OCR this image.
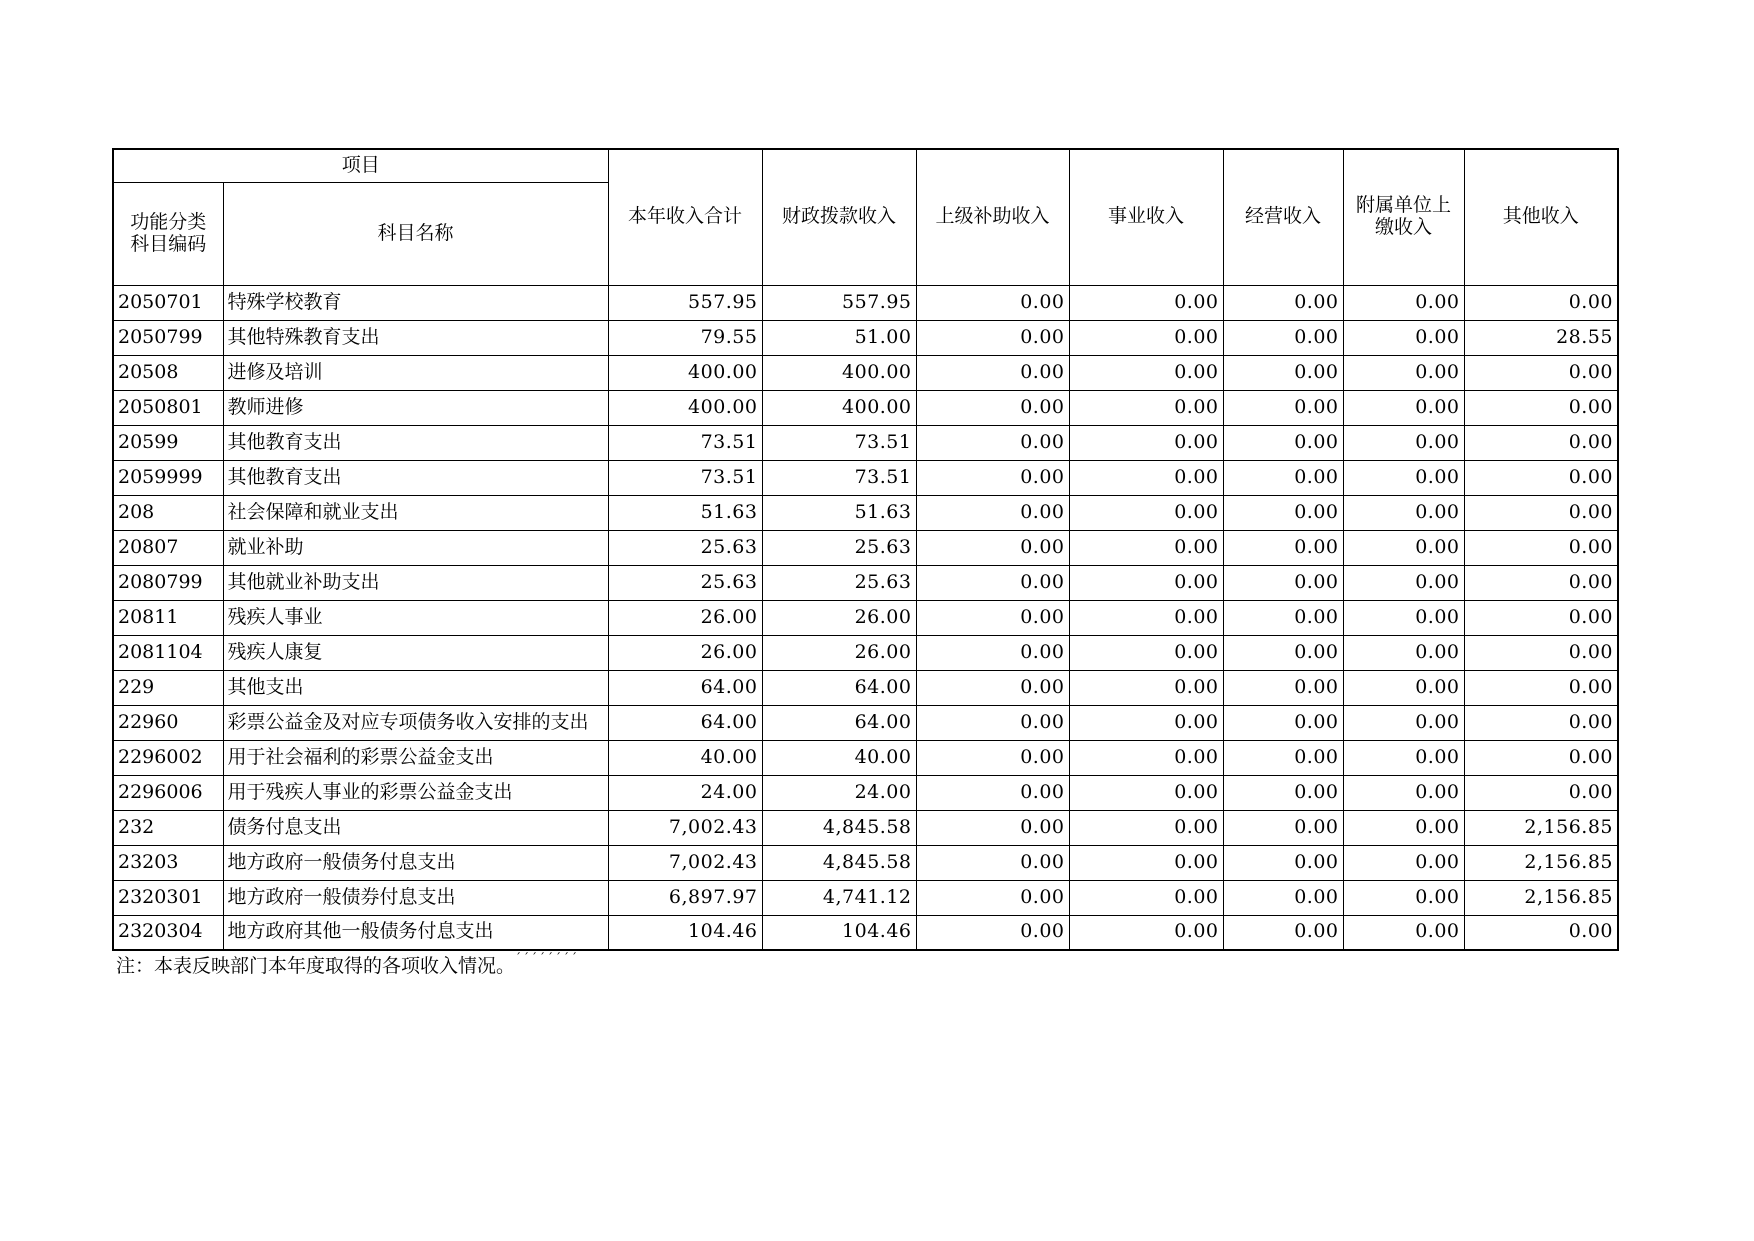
项目		本年收入合计	财政拨款收入	上级补助收入	事业收入	经营收入	附属单位上缴收入	其他收入
功能分类科目编码	科目名称							
2050701	特殊学校教育	557.95	557.95	0.00	0.00	0.00	0.00	0.00
2050799	其他特殊教育支出	79.55	51.00	0.00	0.00	0.00	0.00	28.55
20508	进修及培训	400.00	400.00	0.00	0.00	0.00	0.00	0.00
2050801	教师进修	400.00	400.00	0.00	0.00	0.00	0.00	0.00
20599	其他教育支出	73.51	73.51	0.00	0.00	0.00	0.00	0.00
2059999	其他教育支出	73.51	73.51	0.00	0.00	0.00	0.00	0.00
208	社会保障和就业支出	51.63	51.63	0.00	0.00	0.00	0.00	0.00
20807	就业补助	25.63	25.63	0.00	0.00	0.00	0.00	0.00
2080799	其他就业补助支出	25.63	25.63	0.00	0.00	0.00	0.00	0.00
20811	残疾人事业	26.00	26.00	0.00	0.00	0.00	0.00	0.00
2081104	残疾人康复	26.00	26.00	0.00	0.00	0.00	0.00	0.00
229	其他支出	64.00	64.00	0.00	0.00	0.00	0.00	0.00
22960	彩票公益金及对应专项债务收入安排的支出	64.00	64.00	0.00	0.00	0.00	0.00	0.00
2296002	用于社会福利的彩票公益金支出	40.00	40.00	0.00	0.00	0.00	0.00	0.00
2296006	用于残疾人事业的彩票公益金支出	24.00	24.00	0.00	0.00	0.00	0.00	0.00
232	债务付息支出	7,002.43	4,845.58	0.00	0.00	0.00	0.00	2,156.85
23203	地方政府一般债务付息支出	7,002.43	4,845.58	0.00	0.00	0.00	0.00	2,156.85
2320301	地方政府一般债券付息支出	6,897.97	4,741.12	0.00	0.00	0.00	0.00	2,156.85
2320304	地方政府其他一般债务付息支出	104.46	104.46	0.00	0.00	0.00	0.00	0.00
注：本表反映部门本年度取得的各项收入情况。´´´´´´´´
